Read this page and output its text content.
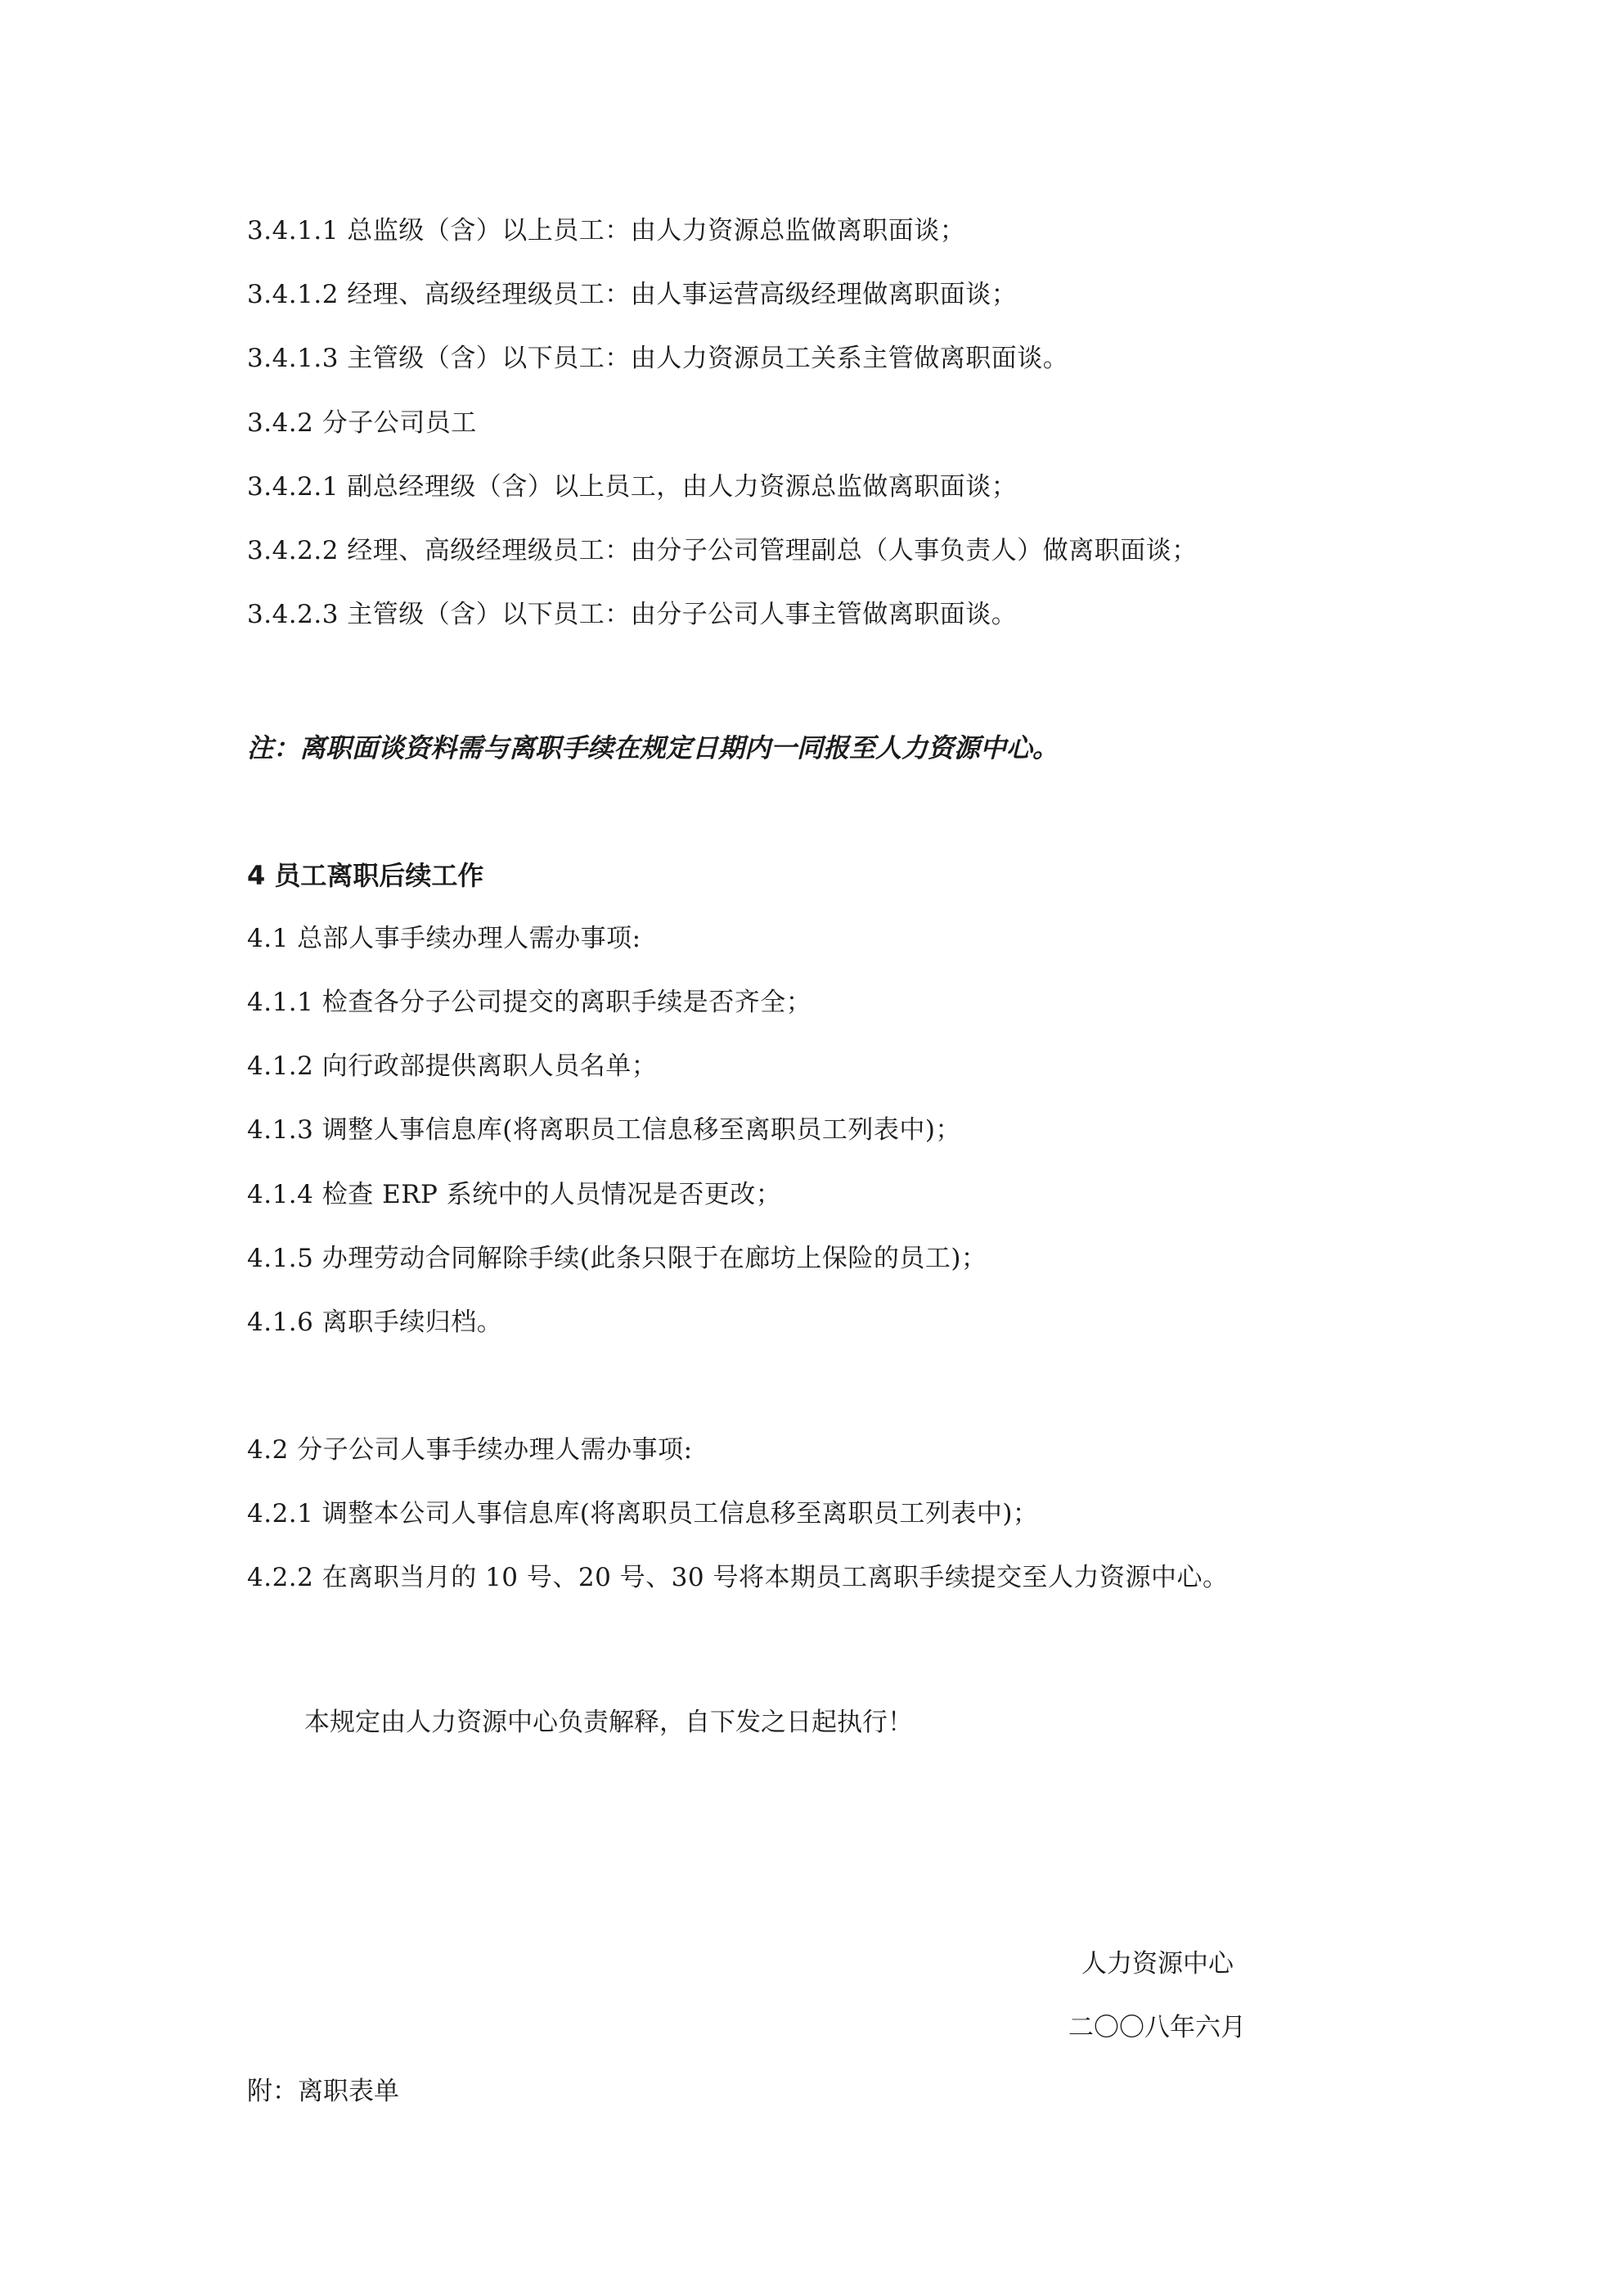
3.4.1.1 总监级（含）以上员工：由人力资源总监做离职面谈；
3.4.1.2 经理、高级经理级员工：由人事运营高级经理做离职面谈；
3.4.1.3 主管级（含）以下员工：由人力资源员工关系主管做离职面谈。
3.4.2 分子公司员工
3.4.2.1 副总经理级（含）以上员工，由人力资源总监做离职面谈；
3.4.2.2 经理、高级经理级员工：由分子公司管理副总（人事负责人）做离职面谈；
3.4.2.3 主管级（含）以下员工：由分子公司人事主管做离职面谈。
注：离职面谈资料需与离职手续在规定日期内一同报至人力资源中心。
4 员工离职后续工作
4.1 总部人事手续办理人需办事项:
4.1.1 检查各分子公司提交的离职手续是否齐全；
4.1.2 向行政部提供离职人员名单；
4.1.3 调整人事信息库(将离职员工信息移至离职员工列表中)；
4.1.4 检查 ERP 系统中的人员情况是否更改；
4.1.5 办理劳动合同解除手续(此条只限于在廊坊上保险的员工)；
4.1.6 离职手续归档。
4.2 分子公司人事手续办理人需办事项:
4.2.1 调整本公司人事信息库(将离职员工信息移至离职员工列表中)；
4.2.2 在离职当月的 10 号、20 号、30 号将本期员工离职手续提交至人力资源中心。
本规定由人力资源中心负责解释，自下发之日起执行！
人力资源中心
二〇〇八年六月
附：离职表单
